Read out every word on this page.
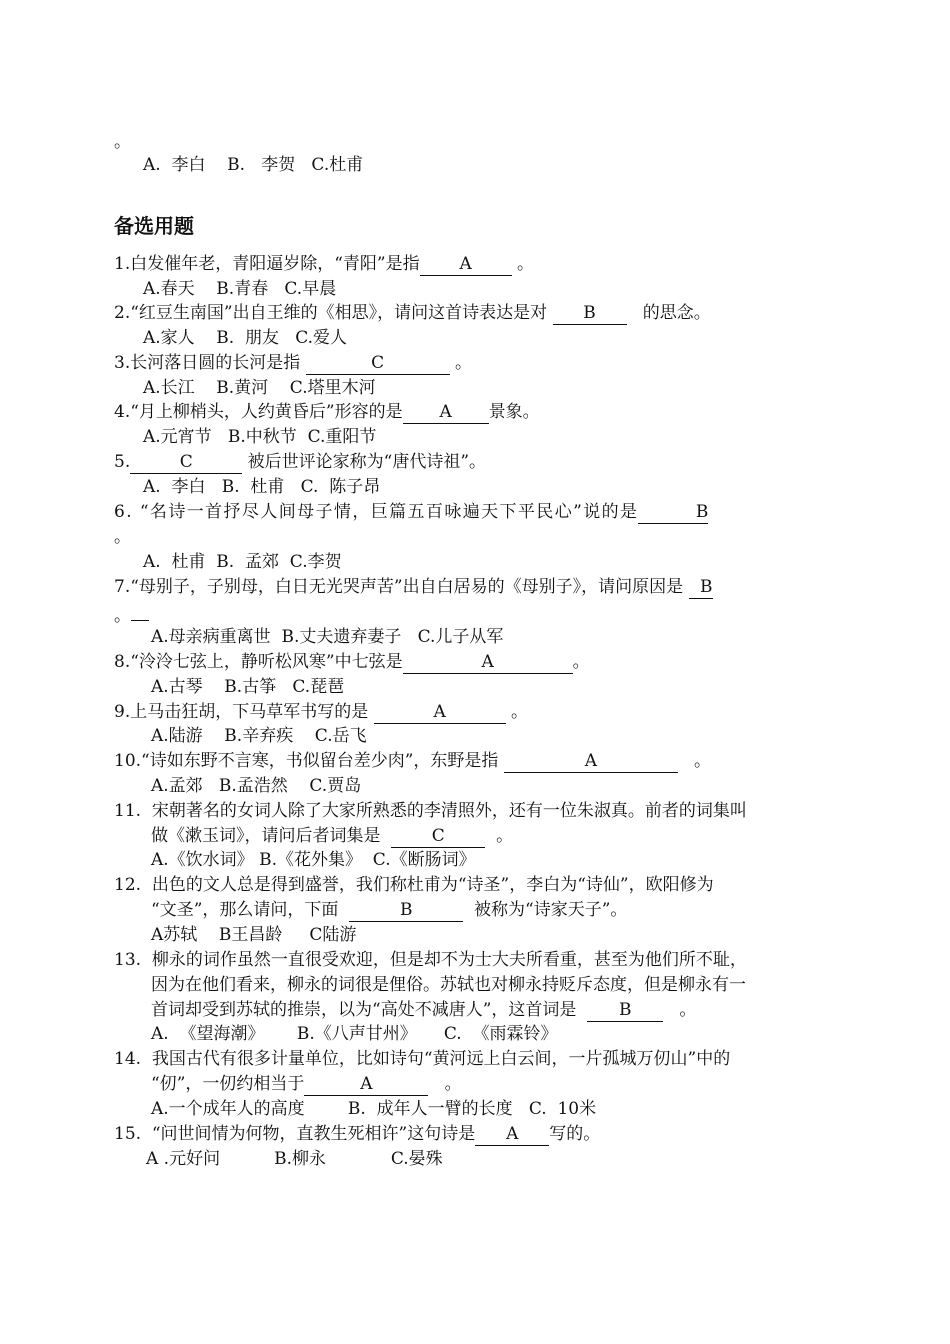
。
A.  李白    B.   李贺   C.杜甫
备选用题
1.白发催年老，青阳逼岁除，“青阳”是指 A 。
A.春天    B.青春   C.早晨
2.“红豆生南国”出自王维的《相思》，请问这首诗表达是对 B   的思念。
A.家人    B.  朋友   C.爱人
3.长河落日圆的长河是指	C	。
A.长江    B.黄河    C.塔里木河
4.“月上柳梢头，人约黄昏后”形容的是 A 景象。
A.元宵节   B.中秋节  C.重阳节
5.	C	被后世评论家称为“唐代诗祖”。
A.  李白   B.  杜甫   C.  陈子昂
6. “名诗一首抒尽人间母子情，巨篇五百咏遍天下平民心”说的是	B
。
A.  杜甫  B.  孟郊  C.李贺
7.“母别子，子别母，白日无光哭声苦”出自白居易的《母别子》，请问原因是 B
。
A.母亲病重离世  B.丈夫遗弃妻子   C.儿子从军
8.“泠泠七弦上，静听松风寒”中七弦是	A	。
A.古琴    B.古筝   C.琵琶
9.上马击狂胡，下马草军书写的是	A	。
A.陆游    B.辛弃疾    C.岳飞
10.“诗如东野不言寒，书似留台差少肉”，东野是指	A	。
A.孟郊   B.孟浩然    C.贾岛
11.  宋朝著名的女词人除了大家所熟悉的李清照外，还有一位朱淑真。前者的词集叫
做《漱玉词》，请问后者词集是  C  。
A.《饮水词》 B.《花外集》  C.《断肠词》
12.  出色的文人总是得到盛誉，我们称杜甫为“诗圣”，李白为“诗仙”，欧阳修为
“文圣”，那么请问，下面	B	被称为“诗家天子”。
A苏轼    B王昌龄     C陆游
13.  柳永的词作虽然一直很受欢迎，但是却不为士大夫所看重，甚至为他们所不耻，
因为在他们看来，柳永的词很是俚俗。苏轼也对柳永持贬斥态度，但是柳永有一
首词却受到苏轼的推崇，以为“高处不减唐人”，这首词是  B   。
A.  《望海潮》      B.《八声甘州》     C.  《雨霖铃》
14.  我国古代有很多计量单位，比如诗句“黄河远上白云间，一片孤城万仞山”中的
“仞”，一仞约相当于	A	。
A.一个成年人的高度        B.  成年人一臂的长度   C.  10米
15.  “问世间情为何物，直教生死相许”这句诗是 A 写的。
A .元好问          B.柳永            C.晏殊
